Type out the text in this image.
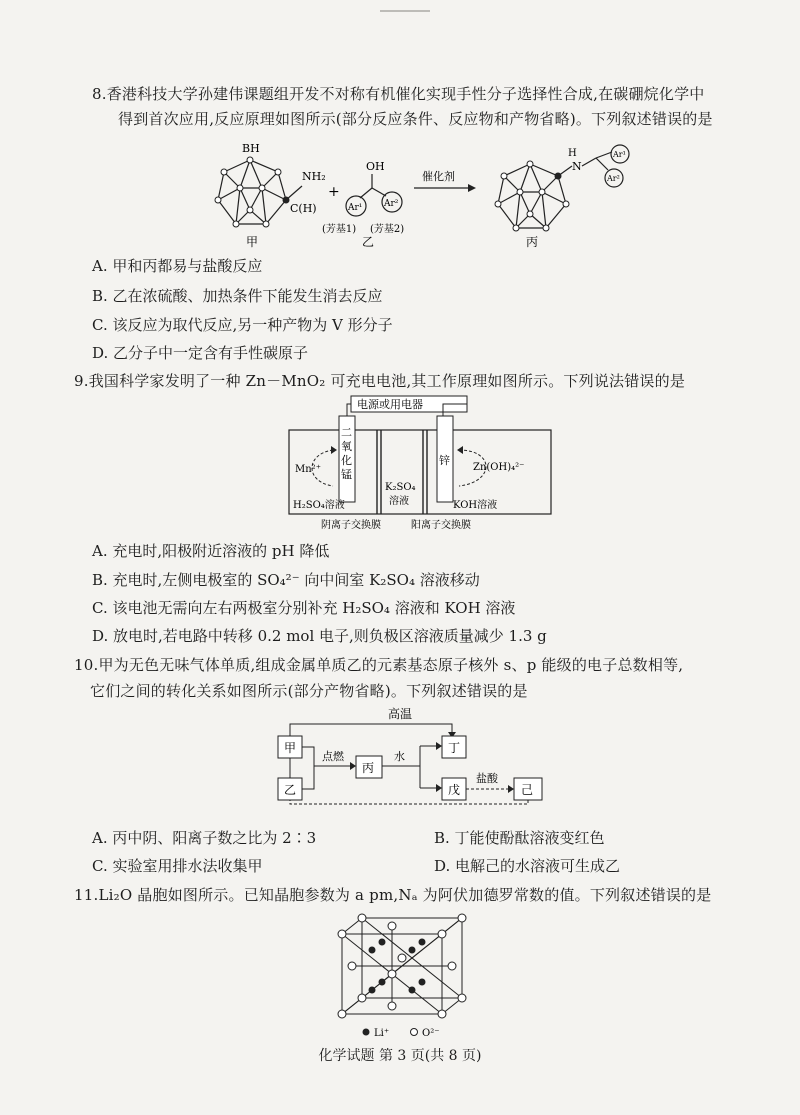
8.香港科技大学孙建伟课题组开发不对称有机催化实现手性分子选择性合成,在碳硼烷化学中
得到首次应用,反应原理如图所示(部分反应条件、反应物和产物省略)。下列叙述错误的是
BH
NH₂
C(H)
+
OH
Ar¹ Ar²
(芳基1) (芳基2)
催化剂
H
N
Ar¹
Ar²
甲	乙	丙
A. 甲和丙都易与盐酸反应
B. 乙在浓硫酸、加热条件下能发生消去反应
C. 该反应为取代反应,另一种产物为 V 形分子
D. 乙分子中一定含有手性碳原子
9.我国科学家发明了一种 Zn－MnO₂ 可充电电池,其工作原理如图所示。下列说法错误的是
电源或用电器
二
氧
化
锰
锌
Mn²⁺	Zn(OH)₄²⁻
H₂SO₄溶液
K₂SO₄
溶液	KOH溶液
阴离子交换膜	阳离子交换膜
A. 充电时,阳极附近溶液的 pH 降低
B. 充电时,左侧电极室的 SO₄²⁻ 向中间室 K₂SO₄ 溶液移动
C. 该电池无需向左右两极室分别补充 H₂SO₄ 溶液和 KOH 溶液
D. 放电时,若电路中转移 0.2 mol 电子,则负极区溶液质量减少 1.3 g
10.甲为无色无味气体单质,组成金属单质乙的元素基态原子核外 s、p 能级的电子总数相等,
它们之间的转化关系如图所示(部分产物省略)。下列叙述错误的是
高温
甲
乙
点燃
丙
水
丁
戊
盐酸
己
A. 丙中阴、阳离子数之比为 2∶3	B. 丁能使酚酞溶液变红色
C. 实验室用排水法收集甲	D. 电解己的水溶液可生成乙
11.Li₂O 晶胞如图所示。已知晶胞参数为 a pm,Nₐ 为阿伏加德罗常数的值。下列叙述错误的是
Li⁺	O²⁻
化学试题 第 3 页(共 8 页)
